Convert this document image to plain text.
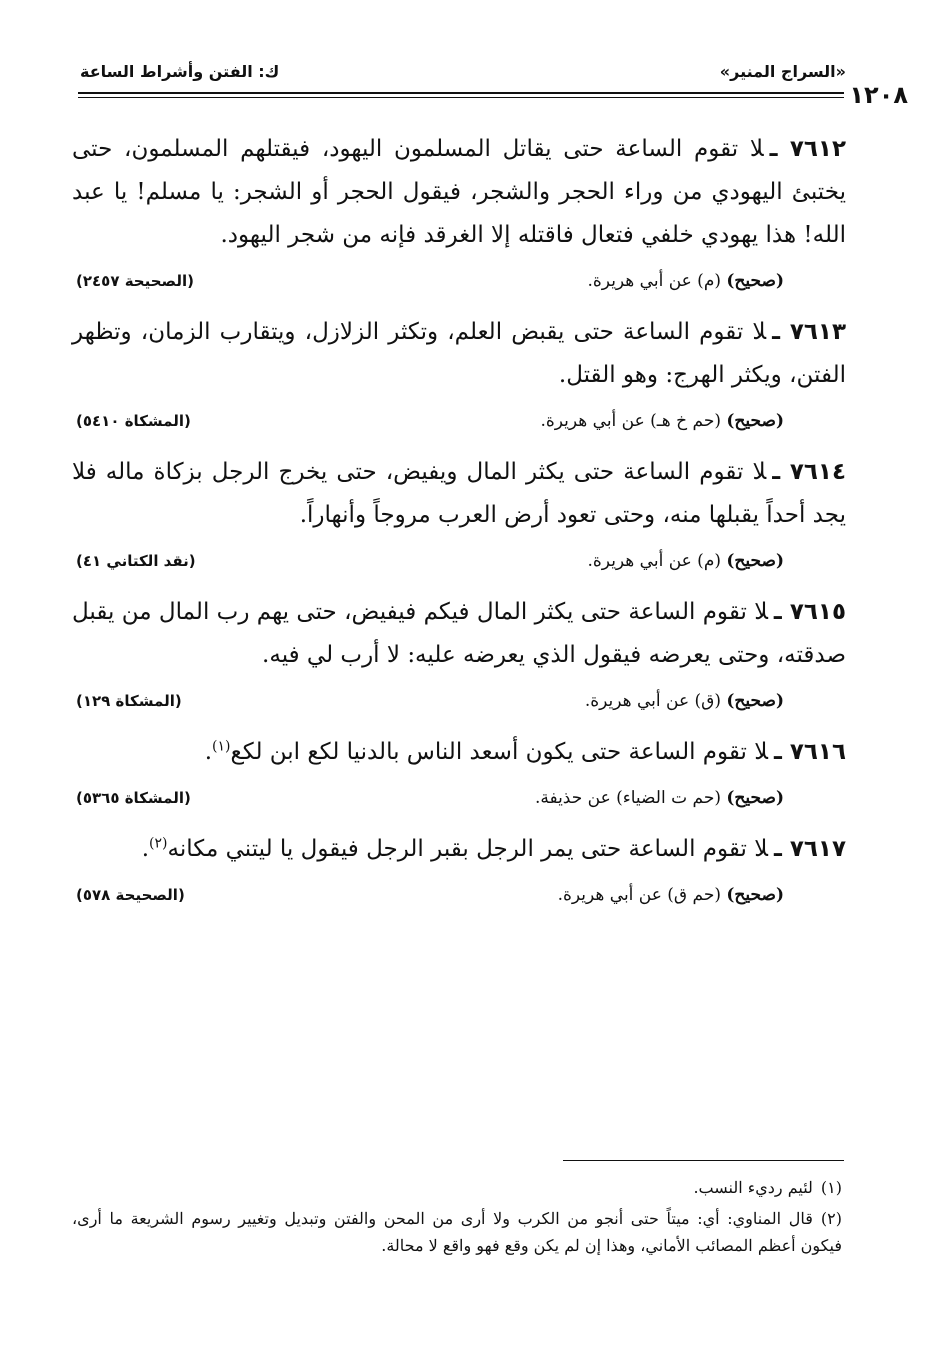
١٢٠٨
«السراج المنير»
ك: الفتن وأشراط الساعة
٧٦١٢ ـلا تقوم الساعة حتى يقاتل المسلمون اليهود، فيقتلهم المسلمون، حتى يختبئ اليهودي من وراء الحجر والشجر، فيقول الحجر أو الشجر: يا مسلم! يا عبد الله! هذا يهودي خلفي فتعال فاقتله إلا الغرقد فإنه من شجر اليهود.
(صحيح) (م) عن أبي هريرة.
(الصحيحة ٢٤٥٧)
٧٦١٣ ـلا تقوم الساعة حتى يقبض العلم، وتكثر الزلازل، ويتقارب الزمان، وتظهر الفتن، ويكثر الهرج: وهو القتل.
(صحيح) (حم خ هـ) عن أبي هريرة.
(المشكاة ٥٤١٠)
٧٦١٤ ـلا تقوم الساعة حتى يكثر المال ويفيض، حتى يخرج الرجل بزكاة ماله فلا يجد أحداً يقبلها منه، وحتى تعود أرض العرب مروجاً وأنهاراً.
(صحيح) (م) عن أبي هريرة.
(نقد الكتاني ٤١)
٧٦١٥ ـلا تقوم الساعة حتى يكثر المال فيكم فيفيض، حتى يهم رب المال من يقبل صدقته، وحتى يعرضه فيقول الذي يعرضه عليه: لا أرب لي فيه.
(صحيح) (ق) عن أبي هريرة.
(المشكاة ١٢٩)
٧٦١٦ ـلا تقوم الساعة حتى يكون أسعد الناس بالدنيا لكع ابن لكع$^{(١)}$.
(صحيح) (حم ت الضياء) عن حذيفة.
(المشكاة ٥٣٦٥)
٧٦١٧ ـلا تقوم الساعة حتى يمر الرجل بقبر الرجل فيقول يا ليتني مكانه$^{(٢)}$.
(صحيح) (حم ق) عن أبي هريرة.
(الصحيحة ٥٧٨)

(١)لئيم رديء النسب.

(٢)قال المناوي: أي: ميتاً حتى أنجو من الكرب ولا أرى من المحن والفتن وتبديل وتغيير رسوم الشريعة ما أرى، فيكون أعظم المصائب الأماني، وهذا إن لم يكن وقع فهو واقع لا محالة.
